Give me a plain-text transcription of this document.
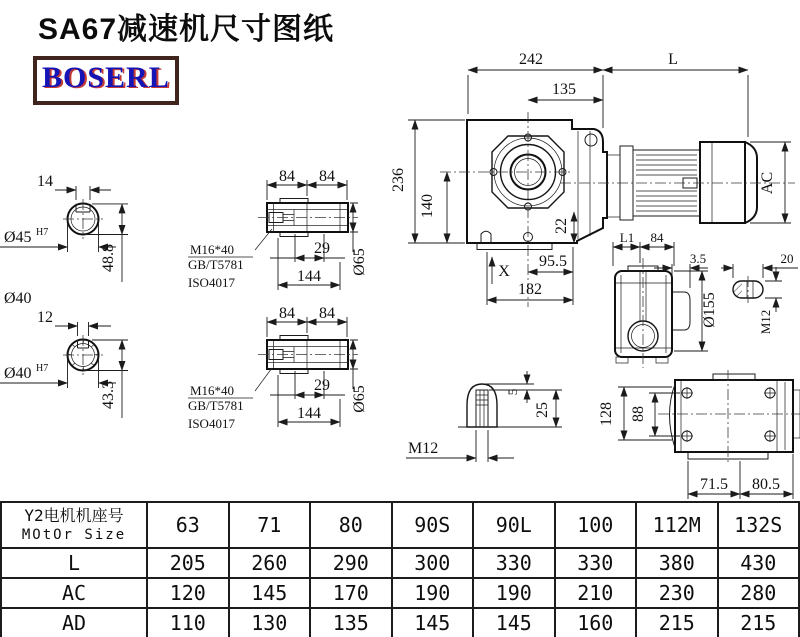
SA67减速机尺寸图纸
BOSERL
14
Ø45 H7
48.8
Ø40
12
Ø40 H7
43.3
84 84
29
144
Ø65
M16*40
GB/T5781
ISO4017
84 84
29
144
Ø65
M16*40
GB/T5781
ISO4017
242	L
135
236
140
22
X
95.5
182
AC
L1 84
3.5
Ø155
20
M12
128 88
71.5 80.5
5
25
M12
Y2电机机座号
MOtOr Size	63	71	80	90S	90L	100	112M	132S
L	205	260	290	300	330	330	380	430
AC	120	145	170	190	190	210	230	280
AD	110	130	135	145	145	160	215	215
